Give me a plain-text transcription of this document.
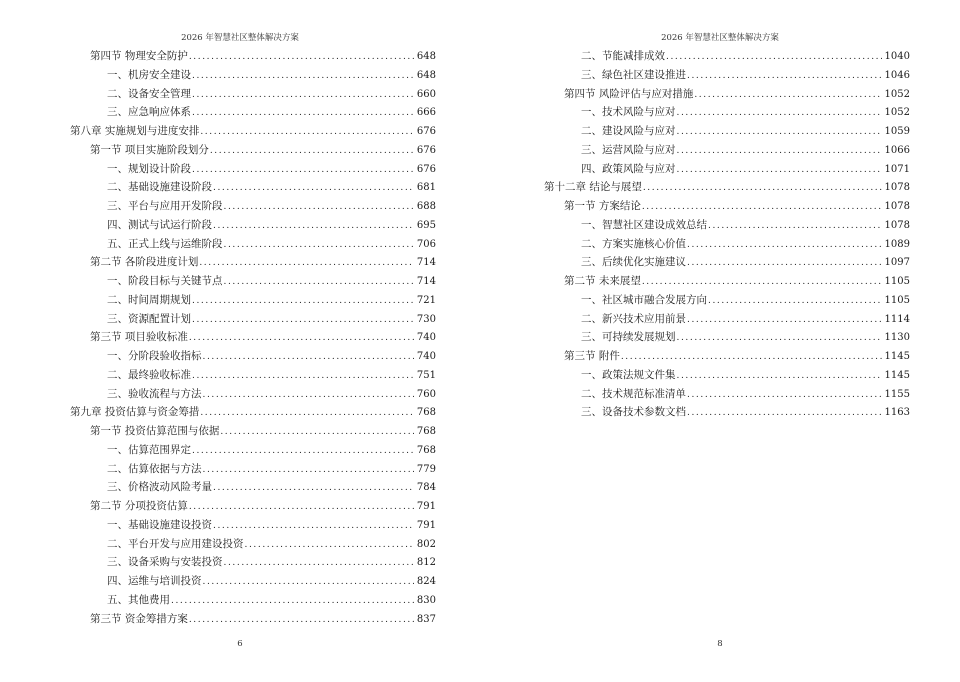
2026 年智慧社区整体解决方案
第四节 物理安全防护 .....	648
一、机房安全建设 .....	648
二、设备安全管理 .....	660
三、应急响应体系 .....	666
第八章 实施规划与进度安排 .....	676
第一节 项目实施阶段划分 .....	676
一、规划设计阶段 .....	676
二、基础设施建设阶段 .....	681
三、平台与应用开发阶段 .....	688
四、测试与试运行阶段 .....	695
五、正式上线与运维阶段 .....	706
第二节 各阶段进度计划 .....	714
一、阶段目标与关键节点 .....	714
二、时间周期规划 .....	721
三、资源配置计划 .....	730
第三节 项目验收标准 .....	740
一、分阶段验收指标 .....	740
二、最终验收标准 .....	751
三、验收流程与方法 .....	760
第九章 投资估算与资金筹措 .....	768
第一节 投资估算范围与依据 .....	768
一、估算范围界定 .....	768
二、估算依据与方法 .....	779
三、价格波动风险考量 .....	784
第二节 分项投资估算 .....	791
一、基础设施建设投资 .....	791
二、平台开发与应用建设投资 .....	802
三、设备采购与安装投资 .....	812
四、运维与培训投资 .....	824
五、其他费用 .....	830
第三节 资金筹措方案 .....	837
6
2026 年智慧社区整体解决方案
二、节能减排成效 .....	1040
三、绿色社区建设推进 .....	1046
第四节 风险评估与应对措施 .....	1052
一、技术风险与应对 .....	1052
二、建设风险与应对 .....	1059
三、运营风险与应对 .....	1066
四、政策风险与应对 .....	1071
第十二章 结论与展望 .....	1078
第一节 方案结论 .....	1078
一、智慧社区建设成效总结 .....	1078
二、方案实施核心价值 .....	1089
三、后续优化实施建议 .....	1097
第二节 未来展望 .....	1105
一、社区城市融合发展方向 .....	1105
二、新兴技术应用前景 .....	1114
三、可持续发展规划 .....	1130
第三节 附件 .....	1145
一、政策法规文件集 .....	1145
二、技术规范标准清单 .....	1155
三、设备技术参数文档 .....	1163
8
